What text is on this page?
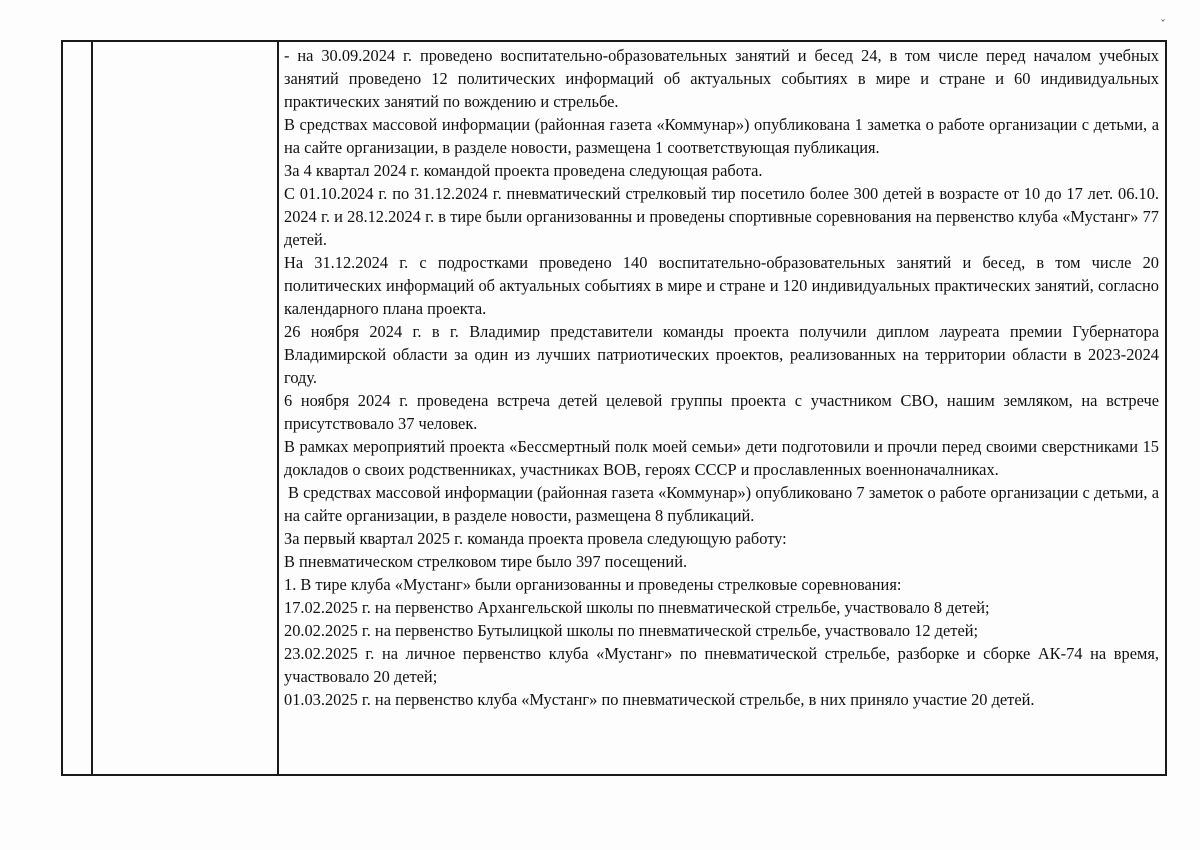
ˇ

- на 30.09.2024 г. проведено воспитательно-образовательных занятий и бесед 24, в том числе перед началом учебных занятий проведено 12 политических информаций об актуальных событиях в мире и стране и 60 индивидуальных практических занятий по вождению и стрельбе.

В средствах массовой информации (районная газета «Коммунар») опубликована 1 заметка о работе организации с детьми, а на сайте организации, в разделе новости, размещена 1 соответствующая публикация.

За 4 квартал 2024 г. командой проекта проведена следующая работа.

С 01.10.2024 г. по 31.12.2024 г. пневматический стрелковый тир посетило более 300 детей в возрасте от 10 до 17 лет. 06.10. 2024 г. и 28.12.2024 г. в тире были организованны и проведены спортивные соревнования на первенство клуба «Мустанг» 77 детей.

На 31.12.2024 г. с подростками проведено 140 воспитательно-образовательных занятий и бесед, в том числе 20 политических информаций об актуальных событиях в мире и стране и 120 индивидуальных практических занятий, согласно календарного плана проекта.

26 ноября 2024 г. в г. Владимир представители команды проекта получили диплом лауреата премии Губернатора Владимирской области за один из лучших патриотических проектов, реализованных на территории области в 2023-2024 году.

6 ноября 2024 г. проведена встреча детей целевой группы проекта с участником СВО, нашим земляком, на встрече присутствовало 37 человек.

В рамках мероприятий проекта «Бессмертный полк моей семьи» дети подготовили и прочли перед своими сверстниками 15 докладов о своих родственниках, участниках ВОВ, героях СССР и прославленных военноначалниках.

В средствах массовой информации (районная газета «Коммунар») опубликовано 7 заметок о работе организации с детьми, а на сайте организации, в разделе новости, размещена 8 публикаций.

За первый квартал 2025 г. команда проекта провела следующую работу:

В пневматическом стрелковом тире было 397 посещений.

1. В тире клуба «Мустанг» были организованны и проведены стрелковые соревнования:

17.02.2025 г. на первенство Архангельской школы по пневматической стрельбе, участвовало 8 детей;

20.02.2025 г. на первенство Бутылицкой школы по пневматической стрельбе, участвовало 12 детей;

23.02.2025 г. на личное первенство клуба «Мустанг» по пневматической стрельбе, разборке и сборке АК-74 на время, участвовало 20 детей;

01.03.2025 г. на первенство клуба «Мустанг» по пневматической стрельбе, в них приняло участие 20 детей.
